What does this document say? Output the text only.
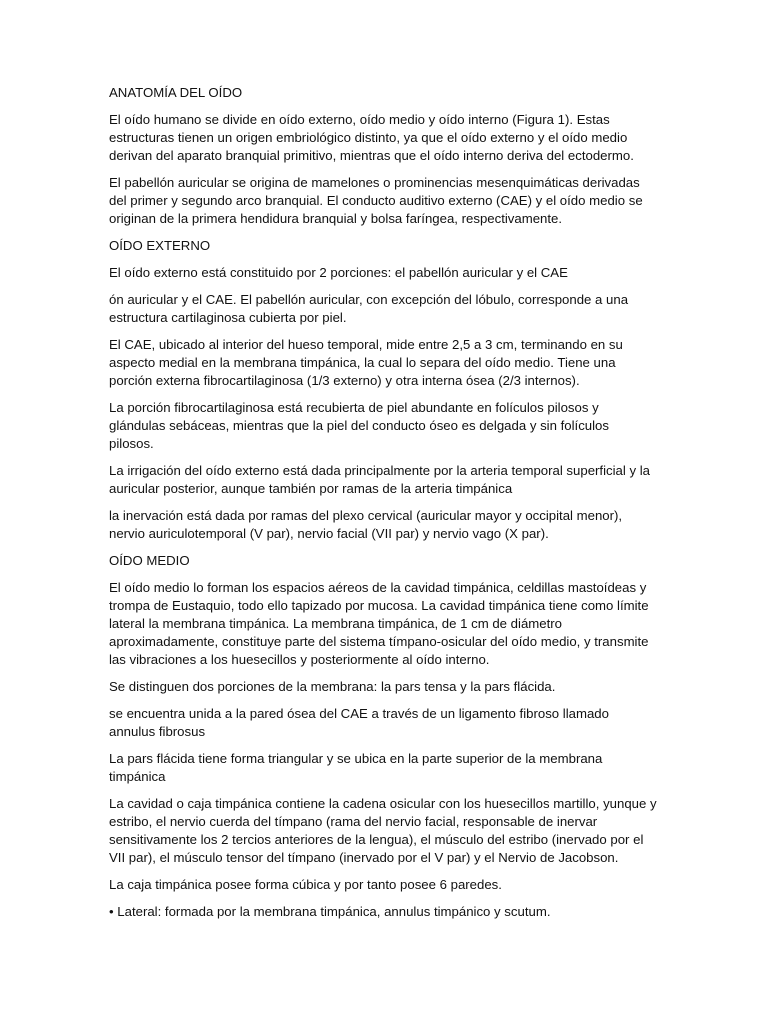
ANATOMÍA DEL OÍDO

El oído humano se divide en oído externo, oído medio y oído interno (Figura 1). Estas estructuras tienen un origen embriológico distinto, ya que el oído externo y el oído medio derivan del aparato branquial primitivo, mientras que el oído interno deriva del ectodermo.

El pabellón auricular se origina de mamelones o prominencias mesenquimáticas derivadas del primer y segundo arco branquial. El conducto auditivo externo (CAE) y el oído medio se originan de la primera hendidura branquial y bolsa faríngea, respectivamente.

OÍDO EXTERNO

El oído externo está constituido por 2 porciones: el pabellón auricular y el CAE

ón auricular y el CAE. El pabellón auricular, con excepción del lóbulo, corresponde a una estructura cartilaginosa cubierta por piel.

El CAE, ubicado al interior del hueso temporal, mide entre 2,5 a 3 cm, terminando en su aspecto medial en la membrana timpánica, la cual lo separa del oído medio. Tiene una porción externa fibrocartilaginosa (1/3 externo) y otra interna ósea (2/3 internos).

La porción fibrocartilaginosa está recubierta de piel abundante en folículos pilosos y glándulas sebáceas, mientras que la piel del conducto óseo es delgada y sin folículos pilosos.

La irrigación del oído externo está dada principalmente por la arteria temporal superficial y la auricular posterior, aunque también por ramas de la arteria timpánica

la inervación está dada por ramas del plexo cervical (auricular mayor y occipital menor), nervio auriculotemporal (V par), nervio facial (VII par) y nervio vago (X par).

OÍDO MEDIO

El oído medio lo forman los espacios aéreos de la cavidad timpánica, celdillas mastoídeas y trompa de Eustaquio, todo ello tapizado por mucosa. La cavidad timpánica tiene como límite lateral la membrana timpánica. La membrana timpánica, de 1 cm de diámetro aproximadamente, constituye parte del sistema tímpano-osicular del oído medio, y transmite las vibraciones a los huesecillos y posteriormente al oído interno.

Se distinguen dos porciones de la membrana: la pars tensa y la pars flácida.

se encuentra unida a la pared ósea del CAE a través de un ligamento fibroso llamado annulus fibrosus

La pars flácida tiene forma triangular y se ubica en la parte superior de la membrana timpánica

La cavidad o caja timpánica contiene la cadena osicular con los huesecillos martillo, yunque y estribo, el nervio cuerda del tímpano (rama del nervio facial, responsable de inervar sensitivamente los 2 tercios anteriores de la lengua), el músculo del estribo (inervado por el VII par), el músculo tensor del tímpano (inervado por el V par) y el Nervio de Jacobson.

La caja timpánica posee forma cúbica y por tanto posee 6 paredes.

• Lateral: formada por la membrana timpánica, annulus timpánico y scutum.
